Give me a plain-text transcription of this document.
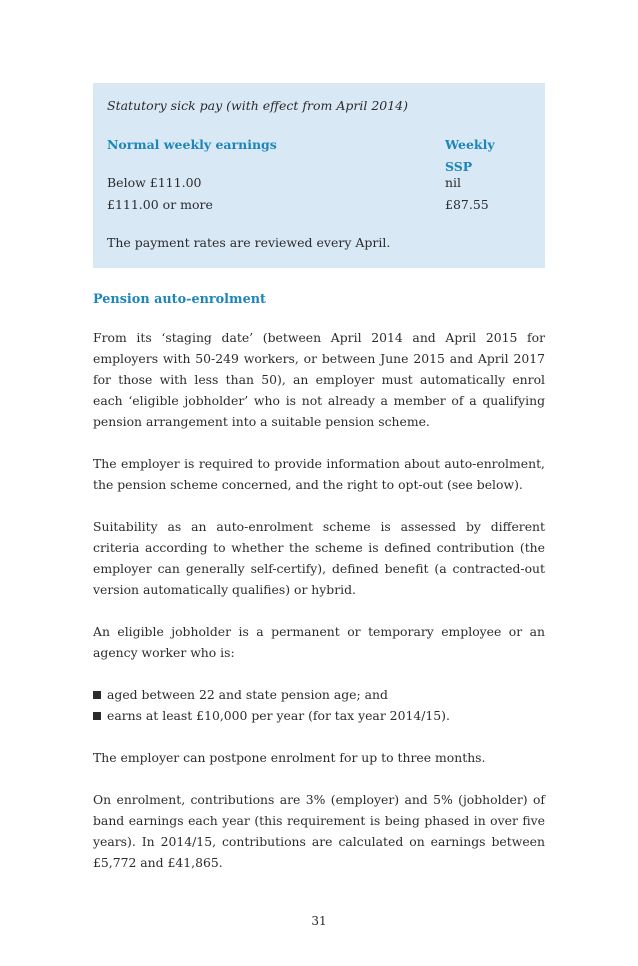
Statutory sick pay (with effect from April 2014)
Normal weekly earnings	Weekly SSP
Below £111.00	nil
£111.00 or more	£87.55
The payment rates are reviewed every April.
Pension auto-enrolment

From its ‘staging date’ (between April 2014 and April 2015 for employers with 50-249 workers, or between June 2015 and April 2017 for those with less than 50), an employer must automatically enrol each ‘eligible jobholder’ who is not already a member of a qualifying pension arrangement into a suitable pension scheme.

The employer is required to provide information about auto-enrolment, the pension scheme concerned, and the right to opt-out (see below).

Suitability as an auto-enrolment scheme is assessed by different criteria according to whether the scheme is defined contribution (the employer can generally self-certify), defined benefit (a contracted-out version automatically qualifies) or hybrid.

An eligible jobholder is a permanent or temporary employee or an agency worker who is:

aged between 22 and state pension age; and
earns at least £10,000 per year (for tax year 2014/15).

The employer can postpone enrolment for up to three months.

On enrolment, contributions are 3% (employer) and 5% (jobholder) of band earnings each year (this requirement is being phased in over five years). In 2014/15, contributions are calculated on earnings between £5,772 and £41,865.

31
